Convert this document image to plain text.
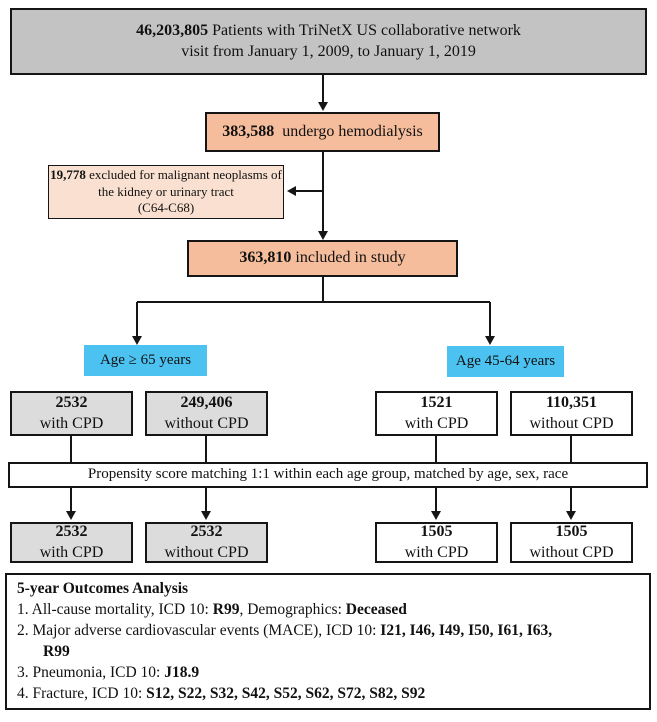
46,203,805 Patients with TriNetX US collaborative network
visit from January 1, 2009, to January 1, 2019
383,588 undergo hemodialysis
19,778 excluded for malignant neoplasms of
the kidney or urinary tract
(C64-C68)
363,810 included in study
Age ≥ 65 years	Age 45-64 years
2532
with CPD
249,406
without CPD
1521
with CPD
110,351
without CPD
Propensity score matching 1:1 within each age group, matched by age, sex, race
2532
with CPD
2532
without CPD
1505
with CPD
1505
without CPD
5-year Outcomes Analysis
1. All-cause mortality, ICD 10: R99, Demographics: Deceased
2. Major adverse cardiovascular events (MACE), ICD 10: I21, I46, I49, I50, I61, I63,
R99
3. Pneumonia, ICD 10: J18.9
4. Fracture, ICD 10: S12, S22, S32, S42, S52, S62, S72, S82, S92
